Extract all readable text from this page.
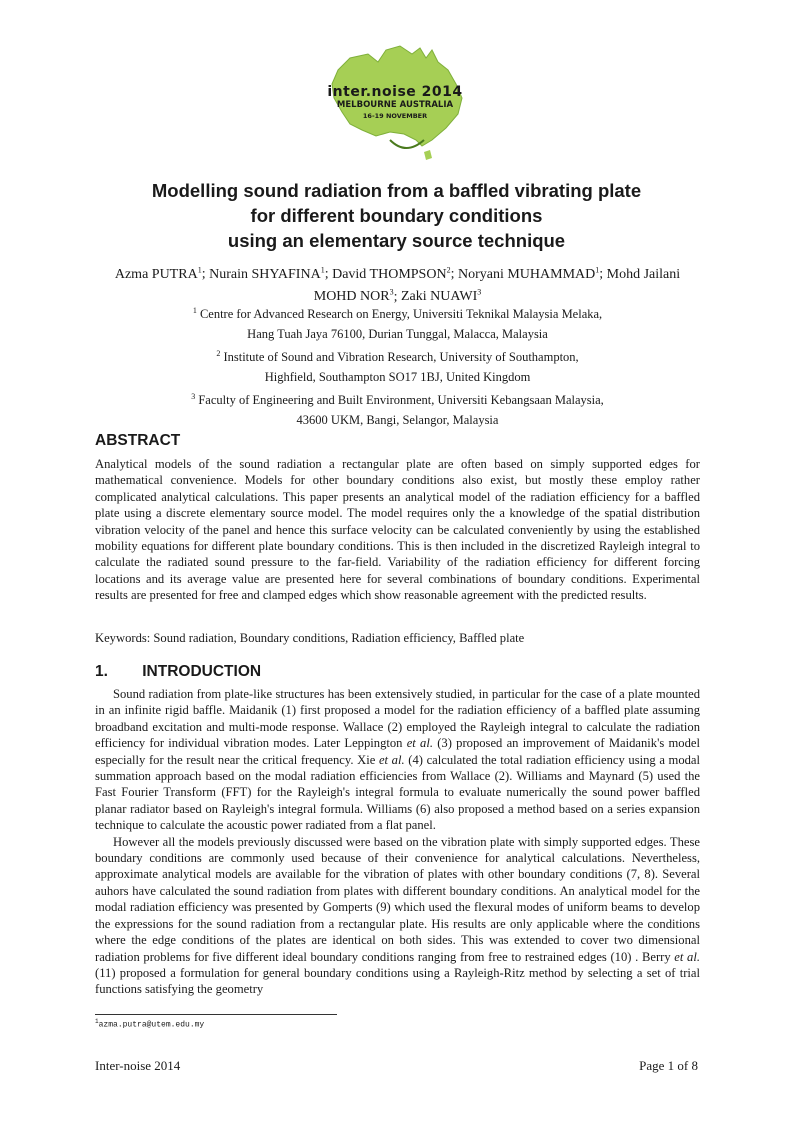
inter.noise 2014
MELBOURNE AUSTRALIA
16-19 NOVEMBER
Modelling sound radiation from a baffled vibrating plate
for different boundary conditions
using an elementary source technique
Azma PUTRA$^1$; Nurain SHYAFINA$^1$; David THOMPSON$^2$; Noryani MUHAMMAD$^1$; Mohd Jailani MOHD NOR$^3$; Zaki NUAWI$^3$
$^1$ Centre for Advanced Research on Energy, Universiti Teknikal Malaysia Melaka,
Hang Tuah Jaya 76100, Durian Tunggal, Malacca, Malaysia
$^2$ Institute of Sound and Vibration Research, University of Southampton,
Highfield, Southampton SO17 1BJ, United Kingdom
$^3$ Faculty of Engineering and Built Environment, Universiti Kebangsaan Malaysia,
43600 UKM, Bangi, Selangor, Malaysia
ABSTRACT

Analytical models of the sound radiation a rectangular plate are often based on simply supported edges for mathematical convenience. Models for other boundary conditions also exist, but mostly these employ rather complicated analytical calculations. This paper presents an analytical model of the radiation efficiency for a baffled plate using a discrete elementary source model. The model requires only the a knowledge of the spatial distribution vibration velocity of the panel and hence this surface velocity can be calculated conveniently by using the established mobility equations for different plate boundary conditions. This is then included in the discretized Rayleigh integral to calculate the radiated sound pressure to the far-field. Variability of the radiation efficiency for different forcing locations and its average value are presented here for several combinations of boundary conditions. Experimental results are presented for free and clamped edges which show reasonable agreement with the predicted results.

Keywords: Sound radiation, Boundary conditions, Radiation efficiency, Baffled plate
1. INTRODUCTION

Sound radiation from plate-like structures has been extensively studied, in particular for the case of a plate mounted in an infinite rigid baffle. Maidanik (1) first proposed a model for the radiation efficiency of a baffled plate assuming broadband excitation and multi-mode response. Wallace (2) employed the Rayleigh integral to calculate the radiation efficiency for individual vibration modes. Later Leppington et al. (3) proposed an improvement of Maidanik's model especially for the result near the critical frequency. Xie et al. (4) calculated the total radiation efficiency using a modal summation approach based on the modal radiation efficiencies from Wallace (2). Williams and Maynard (5) used the Fast Fourier Transform (FFT) for the Rayleigh's integral formula to evaluate numerically the sound power baffled planar radiator based on Rayleigh's integral formula. Williams (6) also proposed a method based on a series expansion technique to calculate the acoustic power radiated from a flat panel.

However all the models previously discussed were based on the vibration plate with simply supported edges. These boundary conditions are commonly used because of their convenience for analytical calculations. Nevertheless, approximate analytical models are available for the vibration of plates with other boundary conditions (7, 8). Several auhors have calculated the sound radiation from plates with different boundary conditions. An analytical model for the modal radiation efficiency was presented by Gomperts (9) which used the flexural modes of uniform beams to develop the expressions for the sound radiation from a rectangular plate. His results are only applicable where the conditions where the edge conditions of the plates are identical on both sides. This was extended to cover two dimensional radiation problems for five different ideal boundary conditions ranging from free to restrained edges (10) . Berry et al. (11) proposed a formulation for general boundary conditions using a Rayleigh-Ritz method by selecting a set of trial functions satisfying the geometry

$^1$azma.putra@utem.edu.my
Inter-noise 2014	Page 1 of 8
